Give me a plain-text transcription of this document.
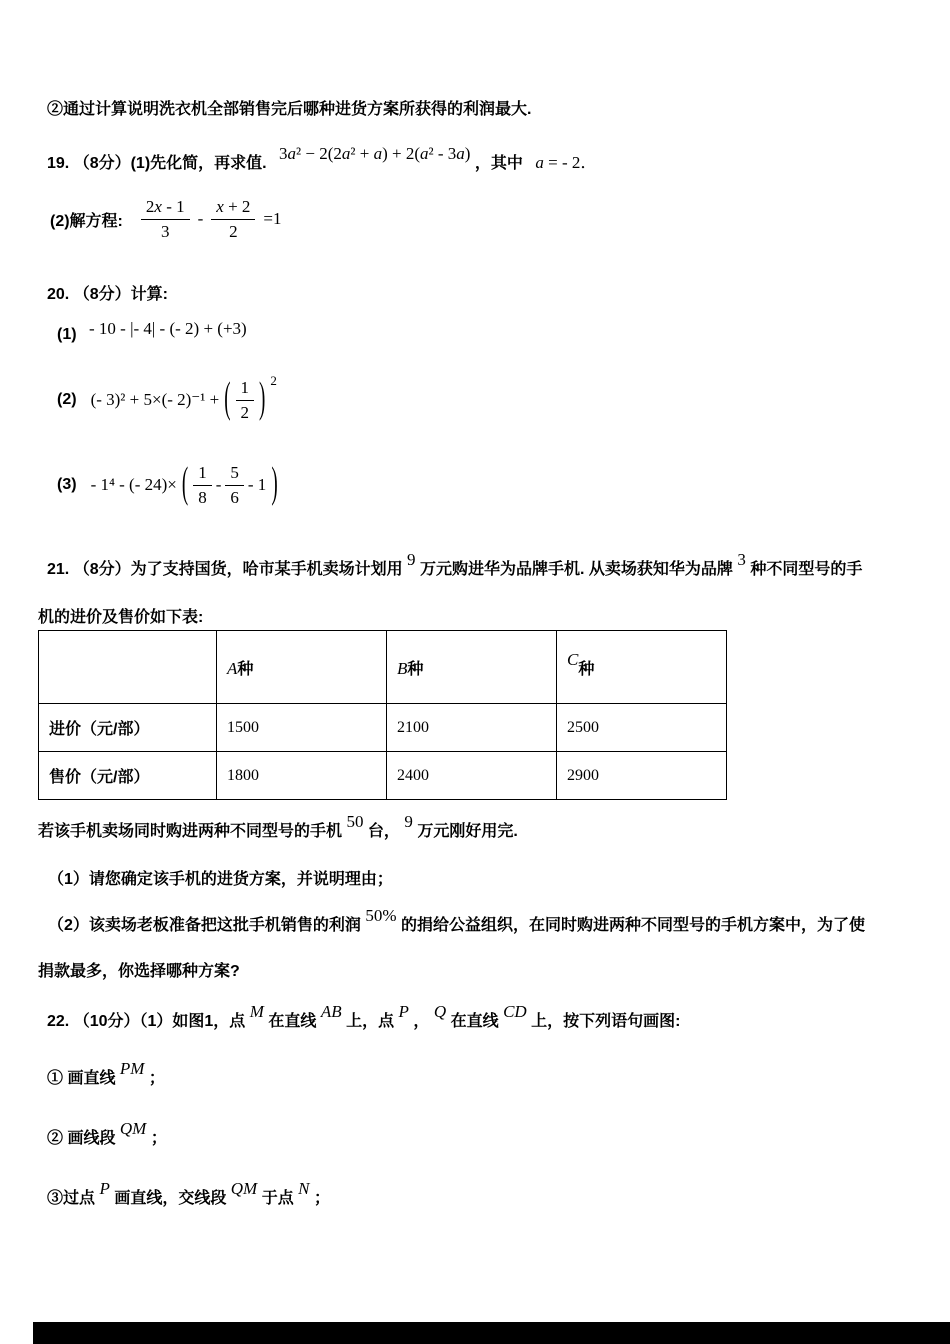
②通过计算说明洗衣机全部销售完后哪种进货方案所获得的利润最大.
19. （8分）(1)先化简，再求值. 3a² − 2(2a² + a) + 2(a² - 3a) ，其中 a = - 2．
(2)解方程: $\frac{2x - 1}{3} - \frac{x + 2}{2} =1$
20. （8分）计算:
(1) - 10 - |- 4| - (- 2) + (+3)
(2) (- 3)² + 5×(- 2)⁻¹ + ( $\frac{1}{2}$ ) 2
(3) - 1⁴ - (- 24)× ( $\frac{1}{8} - \frac{5}{6} - 1$ )
21. （8分）为了支持国货，哈市某手机卖场计划用 9 万元购进华为品牌手机. 从卖场获知华为品牌 3 种不同型号的手
机的进价及售价如下表:
	A种	B种	C种
进价（元/部）	1500	2100	2500
售价（元/部）	1800	2400	2900
若该手机卖场同时购进两种不同型号的手机 50 台， 9 万元刚好用完.
（1）请您确定该手机的进货方案，并说明理由；
（2）该卖场老板准备把这批手机销售的利润 50% 的捐给公益组织，在同时购进两种不同型号的手机方案中，为了使
捐款最多，你选择哪种方案?
22. （10分）（1）如图1，点 M 在直线 AB 上，点 P ， Q 在直线 CD 上，按下列语句画图:
① 画直线 PM ；
② 画线段 QM ；
③过点 P 画直线，交线段 QM 于点 N ；
